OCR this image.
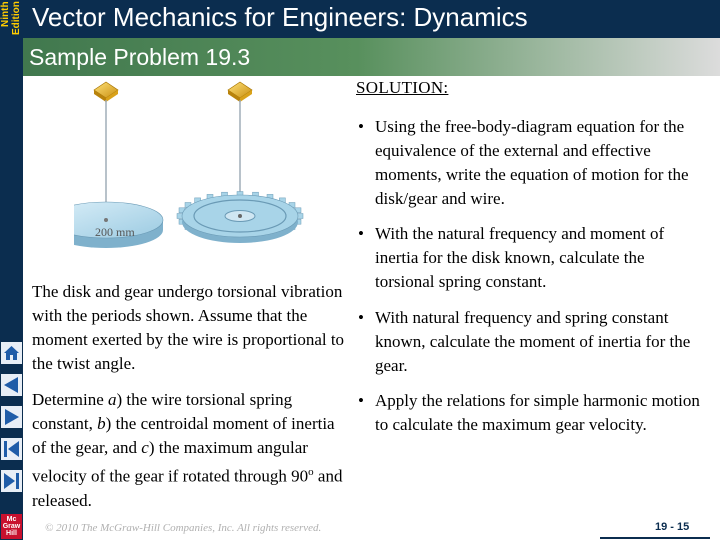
Ninth
Edition
Mc
Graw
Hill
Vector Mechanics for Engineers: Dynamics
Sample Problem 19.3
200 mm
The disk and gear undergo torsional vibration with the periods shown. Assume that the moment exerted by the wire is proportional to the twist angle.
Determine a) the wire torsional spring constant, b) the centroidal moment of inertia of the gear, and c) the maximum angular velocity of the gear if rotated through 90$^o$ and released.
SOLUTION:
• Using the free-body-diagram equation for the equivalence of the external and effective moments, write the equation of motion for the disk/gear and wire.
• With the natural frequency and moment of inertia for the disk known, calculate the torsional spring constant.
• With natural frequency and spring constant known, calculate the moment of inertia for the gear.
• Apply the relations for simple harmonic motion to calculate the maximum gear velocity.
© 2010 The McGraw-Hill Companies, Inc. All rights reserved.	19 - 15
